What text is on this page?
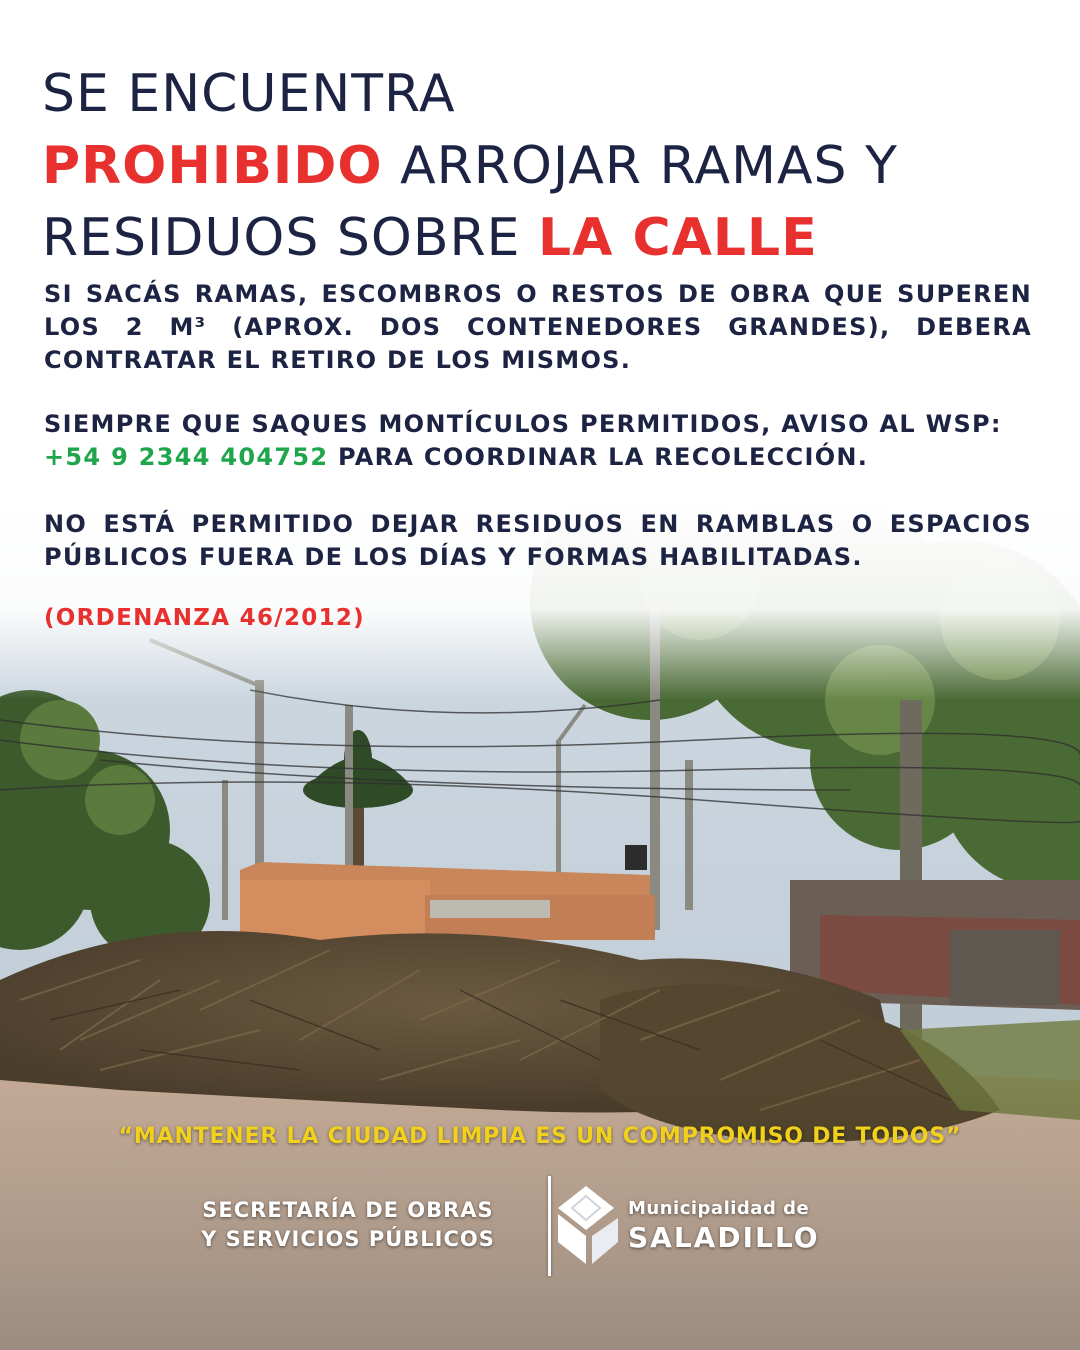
SE ENCUENTRA
PROHIBIDO ARROJAR RAMAS Y
RESIDUOS SOBRE LA CALLE

SI SACÁS RAMAS, ESCOMBROS O RESTOS DE OBRA QUE SUPEREN LOS 2 M³ (APROX. DOS CONTENEDORES GRANDES), DEBERA CONTRATAR EL RETIRO DE LOS MISMOS.

SIEMPRE QUE SAQUES MONTÍCULOS PERMITIDOS, AVISO AL WSP:
+54 9 2344 404752 PARA COORDINAR LA RECOLECCIÓN.

NO ESTÁ PERMITIDO DEJAR RESIDUOS EN RAMBLAS O ESPACIOS PÚBLICOS FUERA DE LOS DÍAS Y FORMAS HABILITADAS.

(ORDENANZA 46/2012)

“MANTENER LA CIUDAD LIMPIA ES UN COMPROMISO DE TODOS”

SECRETARÍA DE OBRAS
Y SERVICIOS PÚBLICOS
Municipalidad de
SALADILLO
